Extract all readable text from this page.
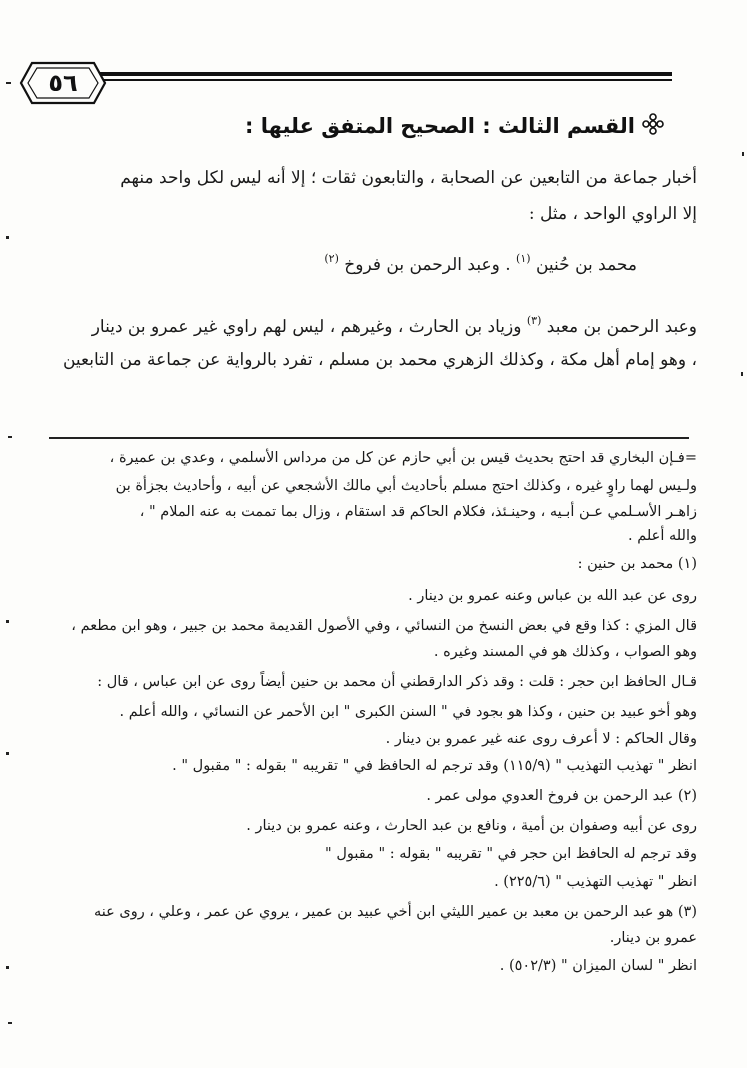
٥٦
القسم الثالث : الصحيح المتفق عليها :
أخبار جماعة من التابعين عن الصحابة ، والتابعون ثقات ؛ إلا أنه ليس لكل واحد منهم
إلا الراوي الواحد ، مثل :
محمد بن حُنين $^{(١)}$ . وعبد الرحمن بن فروخ $^{(٢)}$
وعبد الرحمن بن معبد $^{(٣)}$ وزياد بن الحارث ، وغيرهم ، ليس لهم راوي غير عمرو بن دينار
، وهو إمام أهل مكة ، وكذلك الزهري محمد بن مسلم ، تفرد بالرواية عن جماعة من التابعين
=فـإن البخاري قد احتج بحديث قيس بن أبي حازم عن كل من مرداس الأسلمي ، وعدي بن عميرة ،
ولـيس لهما راوٍ غيره ، وكذلك احتج مسلم بأحاديث أبي مالك الأشجعي عن أبيه ، وأحاديث بجزأة بن
زاهـر الأسـلمي عـن أبـيه ، وحينـئذ، فكلام الحاكم قد استقام ، وزال بما تممت به عنه الملام " ،
والله أعلم .
(١) محمد بن حنين :
روى عن عبد الله بن عباس وعنه عمرو بن دينار .
قال المزي : كذا وقع في بعض النسخ من النسائي ، وفي الأصول القديمة محمد بن جبير ، وهو ابن مطعم ،
وهو الصواب ، وكذلك هو في المسند وغيره .
قـال الحافظ ابن حجر : قلت : وقد ذكر الدارقطني أن محمد بن حنين أيضاً روى عن ابن عباس ، قال :
وهو أخو عبيد بن حنين ، وكذا هو بجود في " السنن الكبرى " ابن الأحمر عن النسائي ، والله أعلم .
وقال الحاكم : لا أعرف روى عنه غير عمرو بن دينار .
انظر " تهذيب التهذيب " (١١٥/٩) وقد ترجم له الحافظ في " تقريبه " بقوله : " مقبول " .
(٢) عبد الرحمن بن فروخ العدوي مولى عمر .
روى عن أبيه وصفوان بن أمية ، ونافع بن عبد الحارث ، وعنه عمرو بن دينار .
وقد ترجم له الحافظ ابن حجر في " تقريبه " بقوله : " مقبول "
انظر " تهذيب التهذيب " (٢٢٥/٦) .
(٣) هو عبد الرحمن بن معبد بن عمير الليثي ابن أخي عبيد بن عمير ، يروي عن عمر ، وعلي ، روى عنه
عمرو بن دينار.
انظر " لسان الميزان " (٥٠٢/٣) .
